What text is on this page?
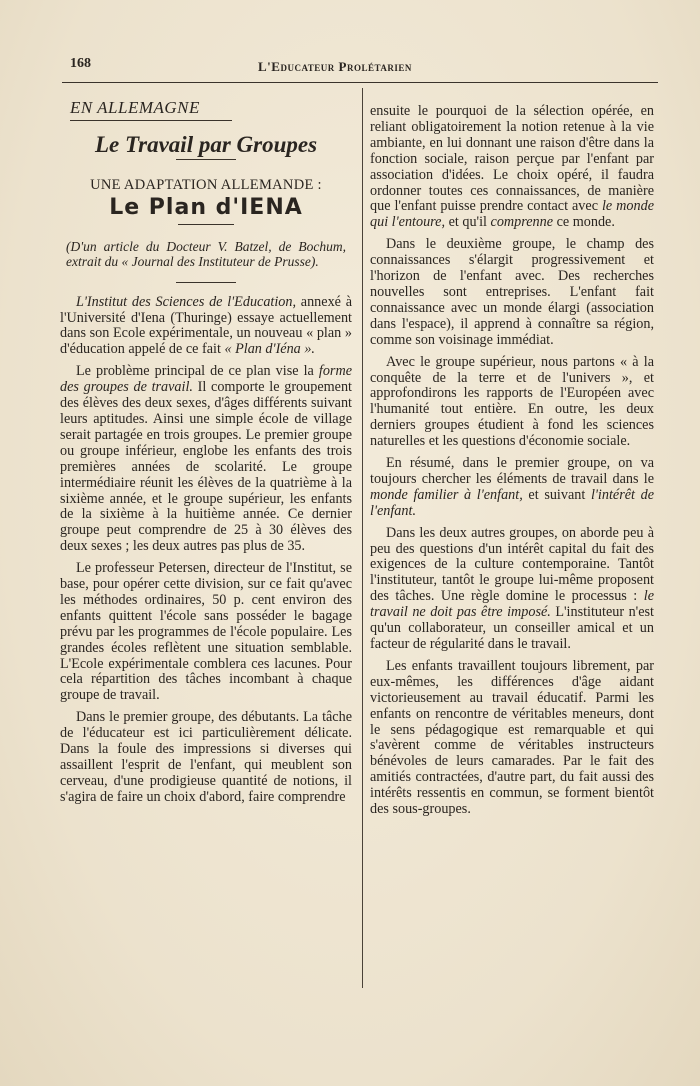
168	L'Educateur Prolétarien
EN ALLEMAGNE
Le Travail par Groupes
UNE ADAPTATION ALLEMANDE :
Le Plan d'IENA
(D'un article du Docteur V. Batzel, de Bochum, extrait du « Journal des Instituteur de Prusse).

L'Institut des Sciences de l'Education, annexé à l'Université d'Iena (Thuringe) essaye actuellement dans son Ecole expérimentale, un nouveau « plan » d'éducation appelé de ce fait « Plan d'Iéna ».

Le problème principal de ce plan vise la forme des groupes de travail. Il comporte le groupement des élèves des deux sexes, d'âges différents suivant leurs aptitudes. Ainsi une simple école de village serait partagée en trois groupes. Le premier groupe ou groupe inférieur, englobe les enfants des trois premières années de scolarité. Le groupe intermédiaire réunit les élèves de la quatrième à la sixième année, et le groupe supérieur, les enfants de la sixième à la huitième année. Ce dernier groupe peut comprendre de 25 à 30 élèves des deux sexes ; les deux autres pas plus de 35.

Le professeur Petersen, directeur de l'Institut, se base, pour opérer cette division, sur ce fait qu'avec les méthodes ordinaires, 50 p. cent environ des enfants quittent l'école sans posséder le bagage prévu par les programmes de l'école populaire. Les grandes écoles reflètent une situation semblable. L'Ecole expérimentale comblera ces lacunes. Pour cela répartition des tâches incombant à chaque groupe de travail.

Dans le premier groupe, des débutants. La tâche de l'éducateur est ici particulièrement délicate. Dans la foule des impressions si diverses qui assaillent l'esprit de l'enfant, qui meublent son cerveau, d'une prodigieuse quantité de notions, il s'agira de faire un choix d'abord, faire comprendre

ensuite le pourquoi de la sélection opérée, en reliant obligatoirement la notion retenue à la vie ambiante, en lui donnant une raison d'être dans la fonction sociale, raison perçue par l'enfant par association d'idées. Le choix opéré, il faudra ordonner toutes ces connaissances, de manière que l'enfant puisse prendre contact avec le monde qui l'entoure, et qu'il comprenne ce monde.

Dans le deuxième groupe, le champ des connaissances s'élargit progressivement et l'horizon de l'enfant avec. Des recherches nouvelles sont entreprises. L'enfant fait connaissance avec un monde élargi (association dans l'espace), il apprend à connaître sa région, comme son voisinage immédiat.

Avec le groupe supérieur, nous partons « à la conquête de la terre et de l'univers », et approfondirons les rapports de l'Européen avec l'humanité tout entière. En outre, les deux derniers groupes étudient à fond les sciences naturelles et les questions d'économie sociale.

En résumé, dans le premier groupe, on va toujours chercher les éléments de travail dans le monde familier à l'enfant, et suivant l'intérêt de l'enfant.

Dans les deux autres groupes, on aborde peu à peu des questions d'un intérêt capital du fait des exigences de la culture contemporaine. Tantôt l'instituteur, tantôt le groupe lui-même proposent des tâches. Une règle domine le processus : le travail ne doit pas être imposé. L'instituteur n'est qu'un collaborateur, un conseiller amical et un facteur de régularité dans le travail.

Les enfants travaillent toujours librement, par eux-mêmes, les différences d'âge aidant victorieusement au travail éducatif. Parmi les enfants on rencontre de véritables meneurs, dont le sens pédagogique est remarquable et qui s'avèrent comme de véritables instructeurs bénévoles de leurs camarades. Par le fait des amitiés contractées, d'autre part, du fait aussi des intérêts ressentis en commun, se forment bientôt des sous-groupes.
